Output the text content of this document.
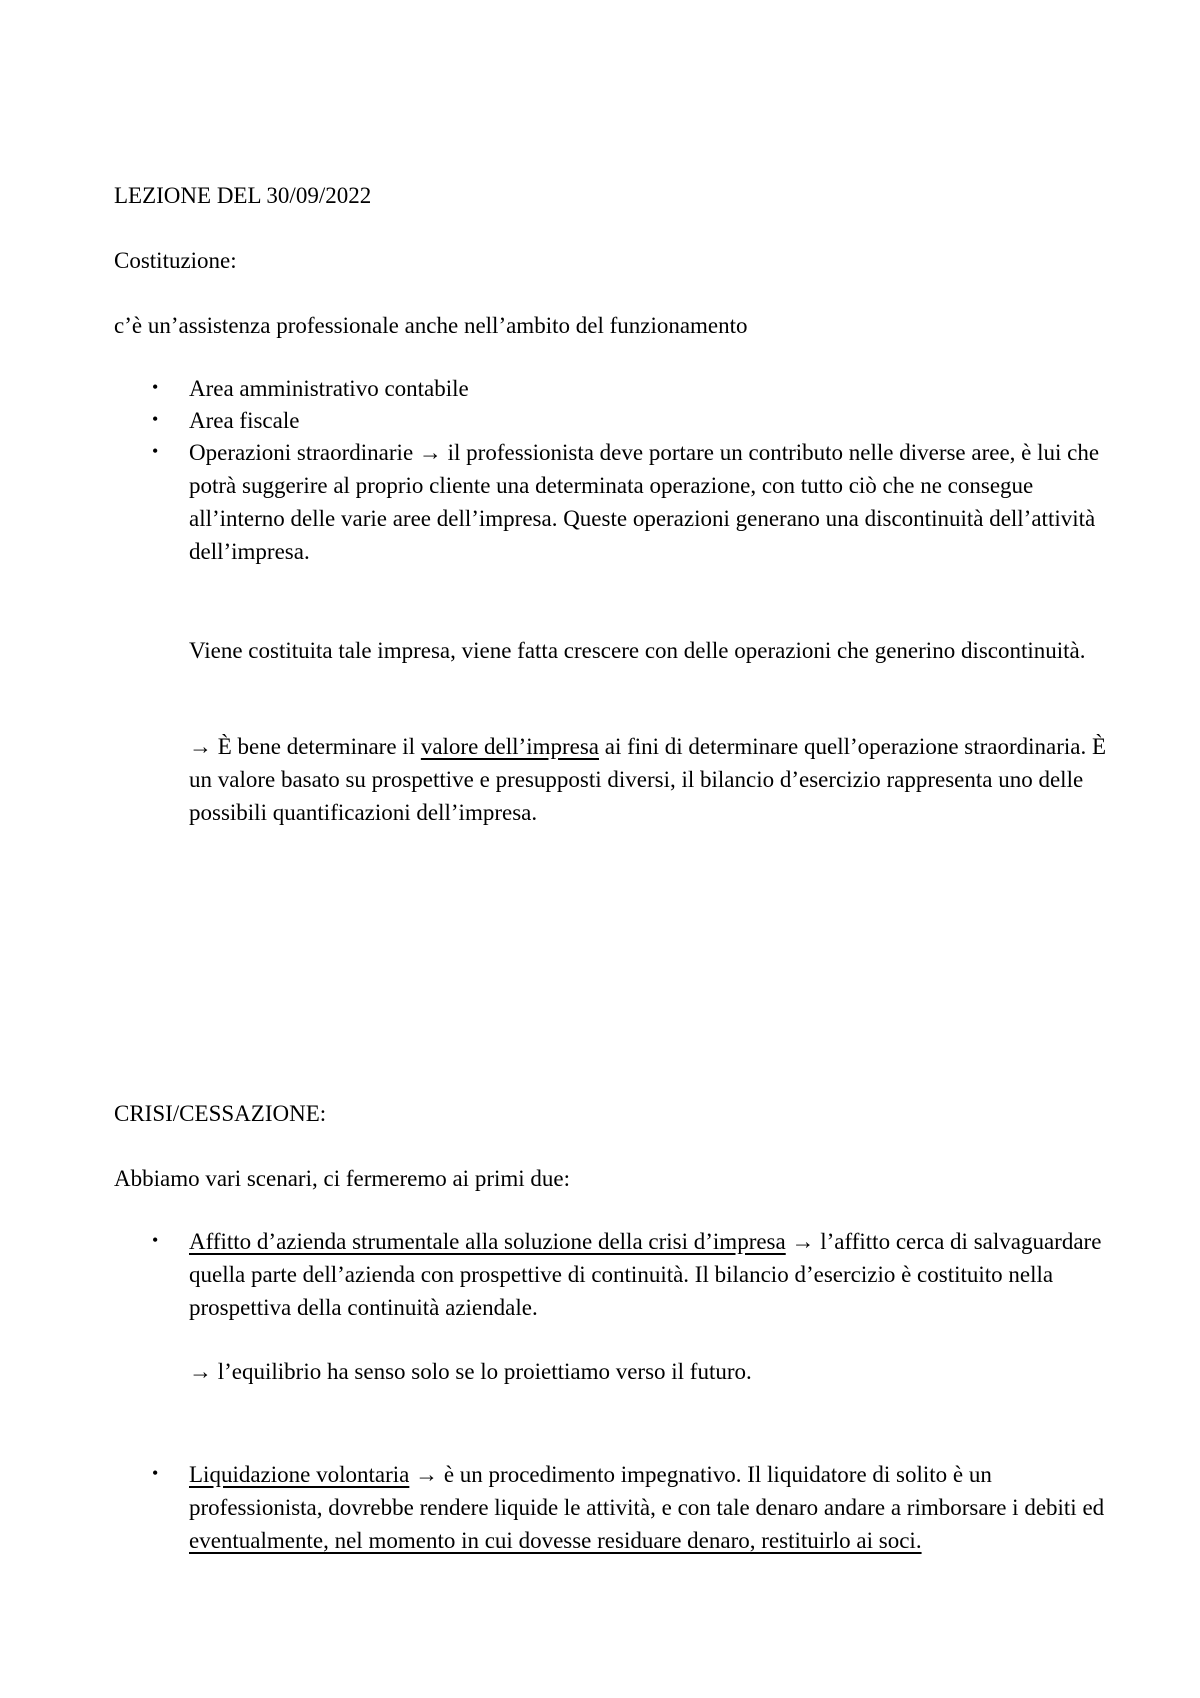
LEZIONE DEL 30/09/2022
Costituzione:
c’è un’assistenza professionale anche nell’ambito del funzionamento
• Area amministrativo contabile

• Area fiscale

• Operazioni straordinarie → il professionista deve portare un contributo nelle diverse aree, è lui che potrà suggerire al proprio cliente una determinata operazione, con tutto ciò che ne consegue all’interno delle varie aree dell’impresa. Queste operazioni generano una discontinuità dell’attività dell’impresa.

Viene costituita tale impresa, viene fatta crescere con delle operazioni che generino discontinuità.

→ È bene determinare il valore dell’impresa ai fini di determinare quell’operazione straordinaria. È un valore basato su prospettive e presupposti diversi, il bilancio d’esercizio rappresenta uno delle possibili quantificazioni dell’impresa.

CRISI/CESSAZIONE:
Abbiamo vari scenari, ci fermeremo ai primi due:
• Affitto d’azienda strumentale alla soluzione della crisi d’impresa → l’affitto cerca di salvaguardare quella parte dell’azienda con prospettive di continuità. Il bilancio d’esercizio è costituito nella prospettiva della continuità aziendale.

→ l’equilibrio ha senso solo se lo proiettiamo verso il futuro.

• Liquidazione volontaria → è un procedimento impegnativo. Il liquidatore di solito è un professionista, dovrebbe rendere liquide le attività, e con tale denaro andare a rimborsare i debiti ed eventualmente, nel momento in cui dovesse residuare denaro, restituirlo ai soci.
